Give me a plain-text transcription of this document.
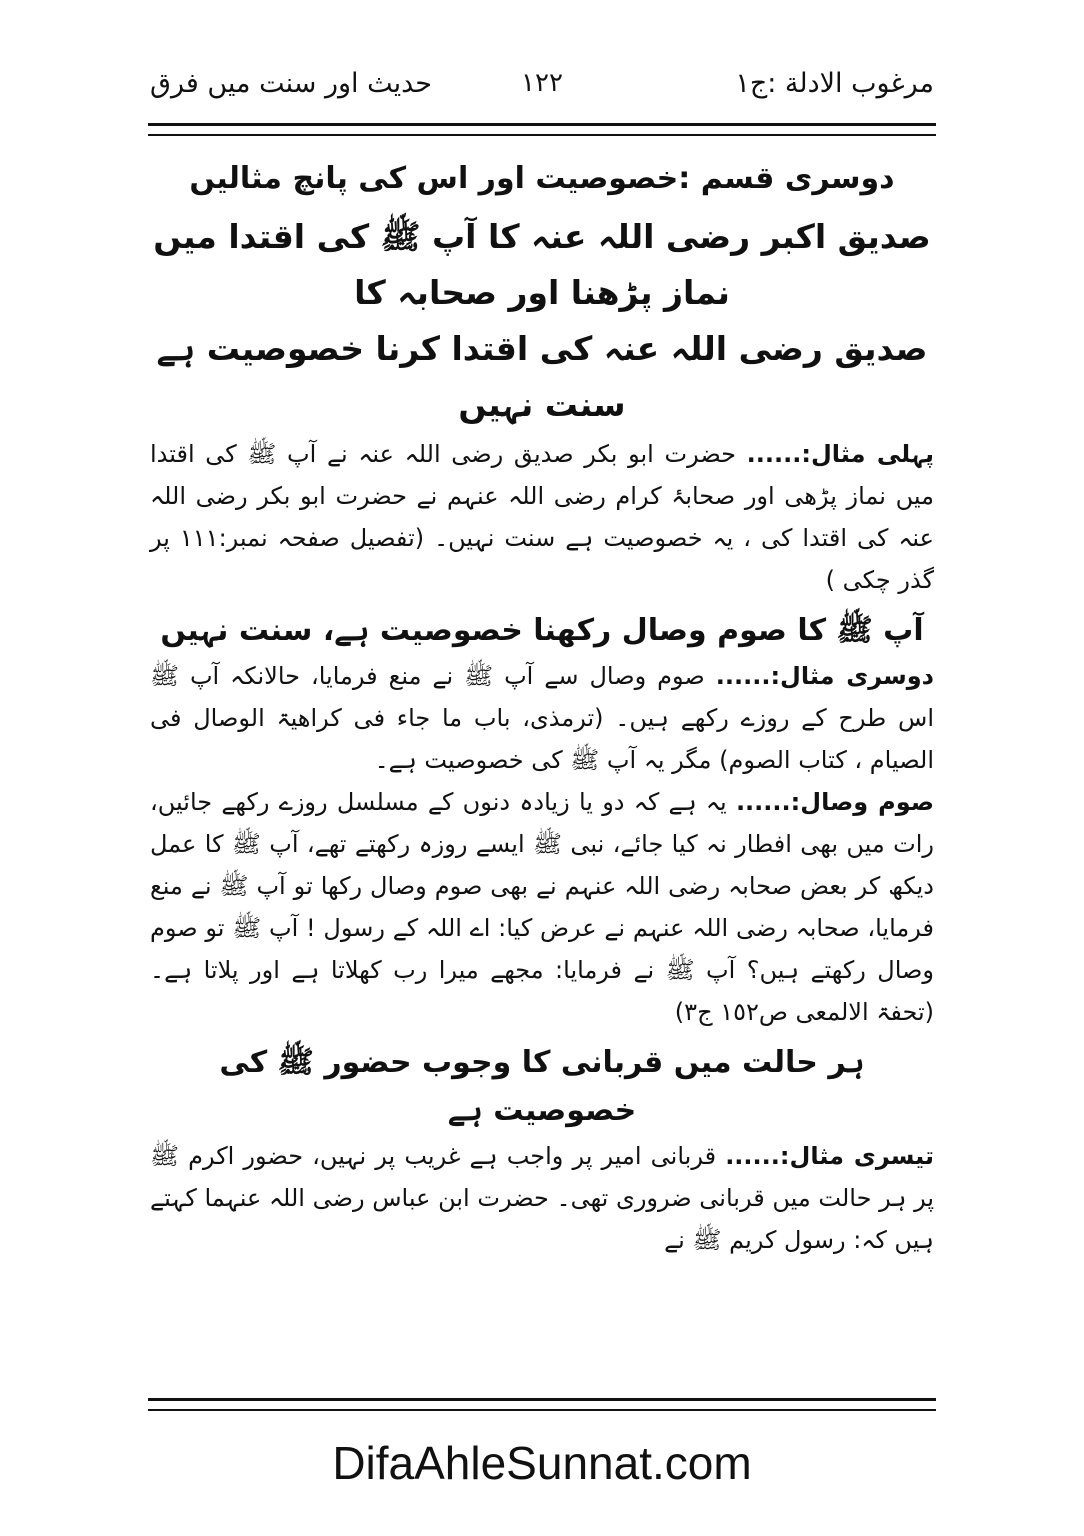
مرغوب الادلة :ج١
١٢٢
حدیث اور سنت میں فرق

دوسری قسم :خصوصیت اور اس کی پانچ مثالیں

صدیق اکبر رضی اللہ عنہ کا آپ ﷺ کی اقتدا میں نماز پڑھنا اور صحابہ کا

صدیق رضی اللہ عنہ کی اقتدا کرنا خصوصیت ہے سنت نہیں

پہلی مثال:...... حضرت ابو بکر صدیق رضی اللہ عنہ نے آپ ﷺ کی اقتدا میں نماز پڑھی اور صحابۂ کرام رضی اللہ عنہم نے حضرت ابو بکر رضی اللہ عنہ کی اقتدا کی ، یہ خصوصیت ہے سنت نہیں۔ (تفصیل صفحہ نمبر:١١١ پر گذر چکی )

آپ ﷺ کا صوم وصال رکھنا خصوصیت ہے، سنت نہیں

دوسری مثال:...... صوم وصال سے آپ ﷺ نے منع فرمایا، حالانکہ آپ ﷺ اس طرح کے روزے رکھے ہیں۔ (ترمذی، باب ما جاء فی کراھیۃ الوصال فی الصیام ، کتاب الصوم) مگر یہ آپ ﷺ کی خصوصیت ہے۔

صوم وصال:...... یہ ہے کہ دو یا زیادہ دنوں کے مسلسل روزے رکھے جائیں، رات میں بھی افطار نہ کیا جائے، نبی ﷺ ایسے روزہ رکھتے تھے، آپ ﷺ کا عمل دیکھ کر بعض صحابہ رضی اللہ عنہم نے بھی صوم وصال رکھا تو آپ ﷺ نے منع فرمایا، صحابہ رضی اللہ عنہم نے عرض کیا: اے اللہ کے رسول ! آپ ﷺ تو صوم وصال رکھتے ہیں؟ آپ ﷺ نے فرمایا: مجھے میرا رب کھلاتا ہے اور پلاتا ہے۔ (تحفۃ الالمعی ص١٥٢ ج٣)

ہر حالت میں قربانی کا وجوب حضور ﷺ کی خصوصیت ہے

تیسری مثال:...... قربانی امیر پر واجب ہے غریب پر نہیں، حضور اکرم ﷺ پر ہر حالت میں قربانی ضروری تھی۔ حضرت ابن عباس رضی اللہ عنہما کہتے ہیں کہ: رسول کریم ﷺ نے

DifaAhleSunnat.com
